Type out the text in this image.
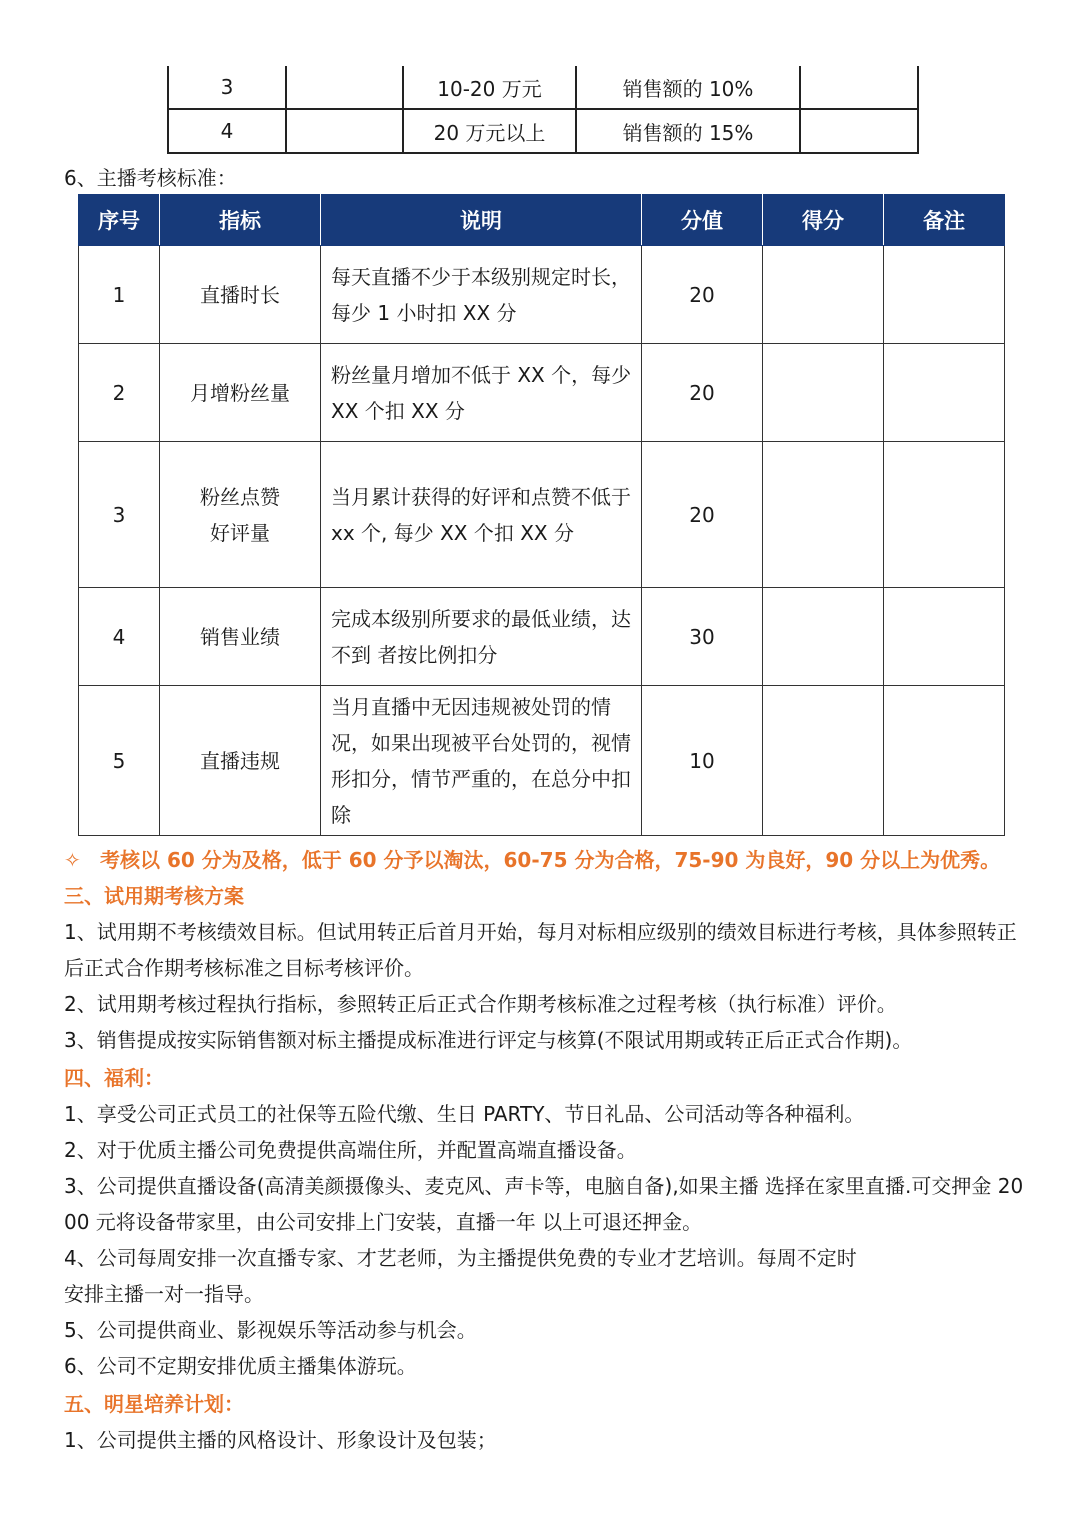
3		10-20 万元	销售额的 10%	
4		20 万元以上	销售额的 15%	
6、主播考核标准：
序号	指标	说明	分值	得分	备注
1	直播时长	每天直播不少于本级别规定时长，每少 1 小时扣 XX 分	20		
2	月增粉丝量	粉丝量月增加不低于 XX 个，每少 XX 个扣 XX 分	20		
3	粉丝点赞好评量	当月累计获得的好评和点赞不低于 xx 个, 每少 XX 个扣 XX 分	20		
4	销售业绩	完成本级别所要求的最低业绩，达不到 者按比例扣分	30		
5	直播违规	当月直播中无因违规被处罚的情况，如果出现被平台处罚的，视情形扣分，情节严重的，在总分中扣除	10		
✧ 考核以 60 分为及格，低于 60 分予以淘汰，60-75 分为合格，75-90 为良好，90 分以上为优秀。
三、试用期考核方案
1、试用期不考核绩效目标。但试用转正后首月开始，每月对标相应级别的绩效目标进行考核，具体参照转正后正式合作期考核标准之目标考核评价。
2、试用期考核过程执行指标，参照转正后正式合作期考核标准之过程考核（执行标准）评价。
3、销售提成按实际销售额对标主播提成标准进行评定与核算(不限试用期或转正后正式合作期)。
四、福利：
1、享受公司正式员工的社保等五险代缴、生日 PARTY、节日礼品、公司活动等各种福利。
2、对于优质主播公司免费提供高端住所，并配置高端直播设备。
3、公司提供直播设备(高清美颜摄像头、麦克风、声卡等，电脑自备),如果主播 选择在家里直播.可交押金 20 00 元将设备带家里，由公司安排上门安装，直播一年 以上可退还押金。
4、公司每周安排一次直播专家、才艺老师，为主播提供免费的专业才艺培训。每周不定时安排主播一对一指导。
5、公司提供商业、影视娱乐等活动参与机会。
6、公司不定期安排优质主播集体游玩。
五、明星培养计划：
1、公司提供主播的风格设计、形象设计及包装；
